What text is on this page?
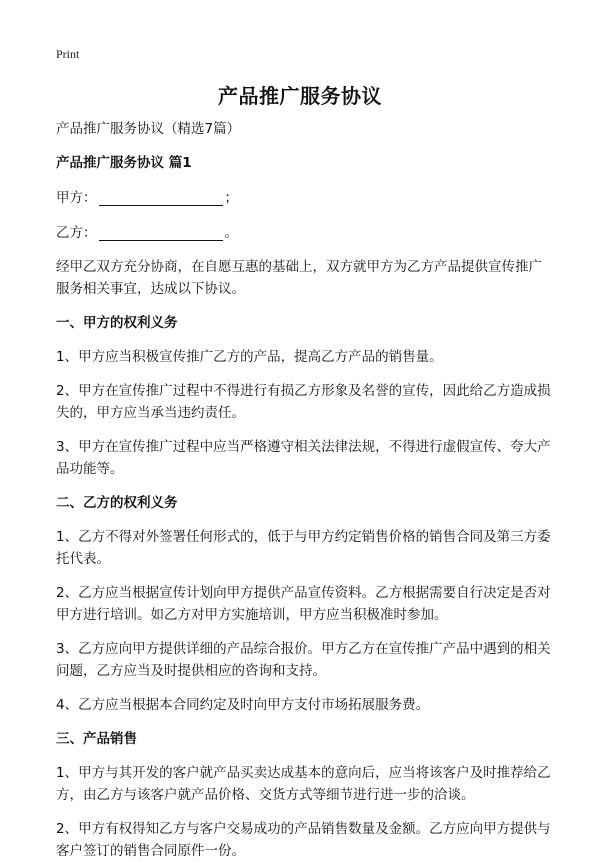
Print
产品推广服务协议

产品推广服务协议（精选7篇）

产品推广服务协议 篇1

甲方：	；

乙方：	。

经甲乙双方充分协商，在自愿互惠的基础上，双方就甲方为乙方产品提供宣传推广服务相关事宜，达成以下协议。

一、甲方的权利义务

1、甲方应当积极宣传推广乙方的产品，提高乙方产品的销售量。

2、甲方在宣传推广过程中不得进行有损乙方形象及名誉的宣传，因此给乙方造成损失的，甲方应当承当违约责任。

3、甲方在宣传推广过程中应当严格遵守相关法律法规，不得进行虚假宣传、夸大产品功能等。

二、乙方的权利义务

1、乙方不得对外签署任何形式的，低于与甲方约定销售价格的销售合同及第三方委托代表。

2、乙方应当根据宣传计划向甲方提供产品宣传资料。乙方根据需要自行决定是否对甲方进行培训。如乙方对甲方实施培训，甲方应当积极准时参加。

3、乙方应向甲方提供详细的产品综合报价。甲方乙方在宣传推广产品中遇到的相关问题，乙方应当及时提供相应的咨询和支持。

4、乙方应当根据本合同约定及时向甲方支付市场拓展服务费。

三、产品销售

1、甲方与其开发的客户就产品买卖达成基本的意向后，应当将该客户及时推荐给乙方，由乙方与该客户就产品价格、交货方式等细节进行进一步的洽谈。

2、甲方有权得知乙方与客户交易成功的产品销售数量及金额。乙方应向甲方提供与客户签订的销售合同原件一份。
